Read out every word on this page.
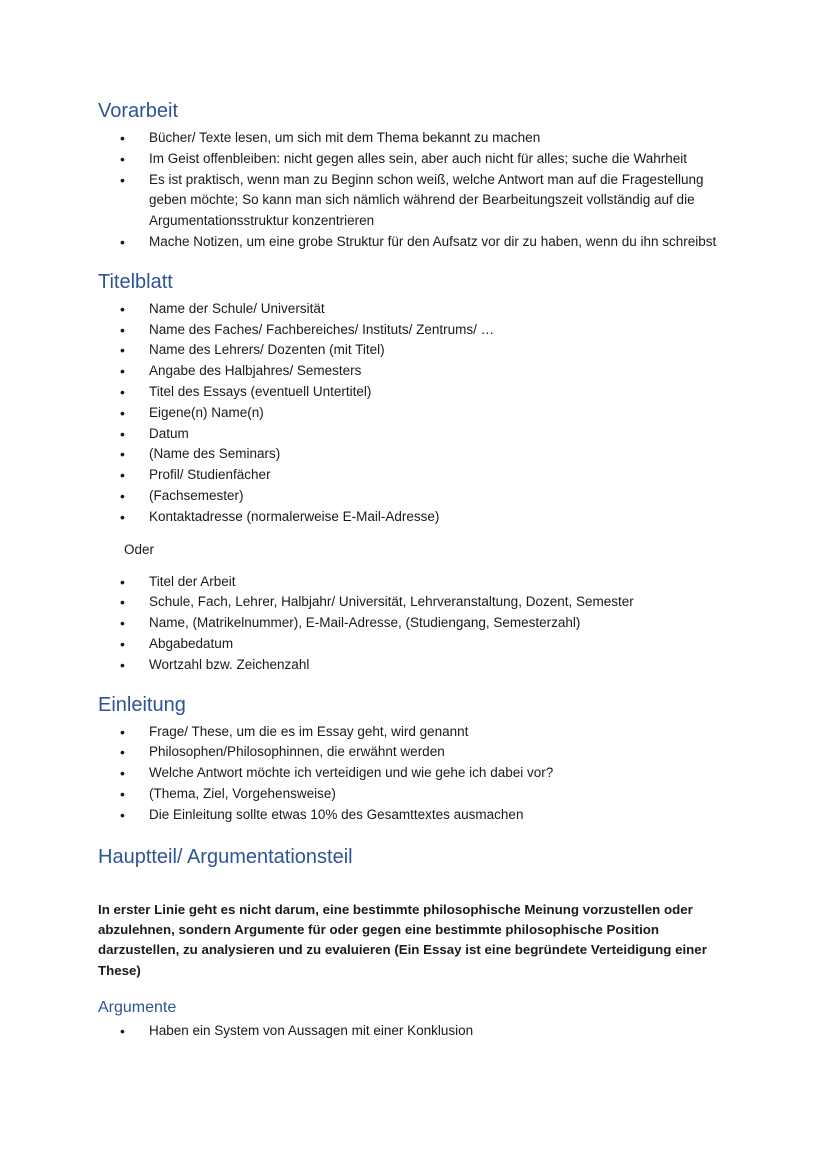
Vorarbeit
• Bücher/ Texte lesen, um sich mit dem Thema bekannt zu machen
• Im Geist offenbleiben: nicht gegen alles sein, aber auch nicht für alles; suche die Wahrheit
• Es ist praktisch, wenn man zu Beginn schon weiß, welche Antwort man auf die Fragestellung geben möchte; So kann man sich nämlich während der Bearbeitungszeit vollständig auf die Argumentationsstruktur konzentrieren
• Mache Notizen, um eine grobe Struktur für den Aufsatz vor dir zu haben, wenn du ihn schreibst
Titelblatt
• Name der Schule/ Universität
• Name des Faches/ Fachbereiches/ Instituts/ Zentrums/ …
• Name des Lehrers/ Dozenten (mit Titel)
• Angabe des Halbjahres/ Semesters
• Titel des Essays (eventuell Untertitel)
• Eigene(n) Name(n)
• Datum
• (Name des Seminars)
• Profil/ Studienfächer
• (Fachsemester)
• Kontaktadresse (normalerweise E-Mail-Adresse)
Oder
• Titel der Arbeit
• Schule, Fach, Lehrer, Halbjahr/ Universität, Lehrveranstaltung, Dozent, Semester
• Name, (Matrikelnummer), E-Mail-Adresse, (Studiengang, Semesterzahl)
• Abgabedatum
• Wortzahl bzw. Zeichenzahl
Einleitung
• Frage/ These, um die es im Essay geht, wird genannt
• Philosophen/Philosophinnen, die erwähnt werden
• Welche Antwort möchte ich verteidigen und wie gehe ich dabei vor?
• (Thema, Ziel, Vorgehensweise)
• Die Einleitung sollte etwas 10% des Gesamttextes ausmachen
Hauptteil/ Argumentationsteil

In erster Linie geht es nicht darum, eine bestimmte philosophische Meinung vorzustellen oder abzulehnen, sondern Argumente für oder gegen eine bestimmte philosophische Position darzustellen, zu analysieren und zu evaluieren (Ein Essay ist eine begründete Verteidigung einer These)

Argumente
• Haben ein System von Aussagen mit einer Konklusion
